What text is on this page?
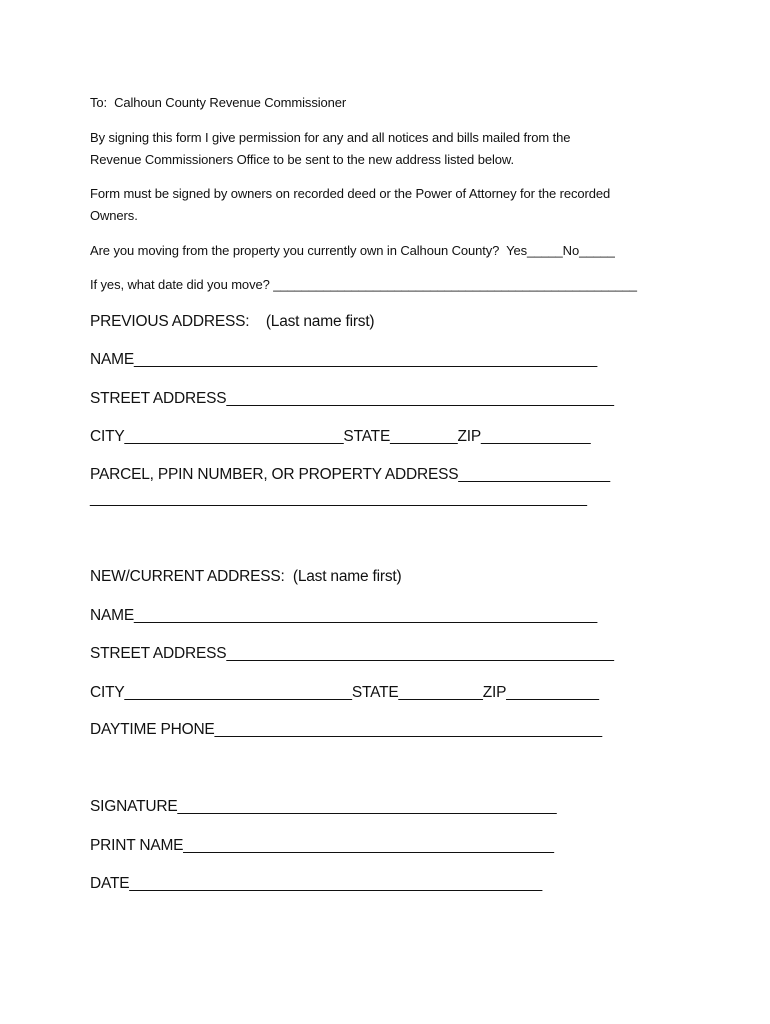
To:  Calhoun County Revenue Commissioner
By signing this form I give permission for any and all notices and bills mailed from the
Revenue Commissioners Office to be sent to the new address listed below.
Form must be signed by owners on recorded deed or the Power of Attorney for the recorded
Owners.
Are you moving from the property you currently own in Calhoun County?  Yes_____No_____
If yes, what date did you move? ___________________________________________________
PREVIOUS ADDRESS:    (Last name first)
NAME_______________________________________________________
STREET ADDRESS______________________________________________
CITY__________________________STATE________ZIP_____________
PARCEL, PPIN NUMBER, OR PROPERTY ADDRESS__________________
___________________________________________________________
NEW/CURRENT ADDRESS:  (Last name first)
NAME_______________________________________________________
STREET ADDRESS______________________________________________
CITY___________________________STATE__________ZIP___________
DAYTIME PHONE______________________________________________
SIGNATURE_____________________________________________
PRINT NAME____________________________________________
DATE_________________________________________________
